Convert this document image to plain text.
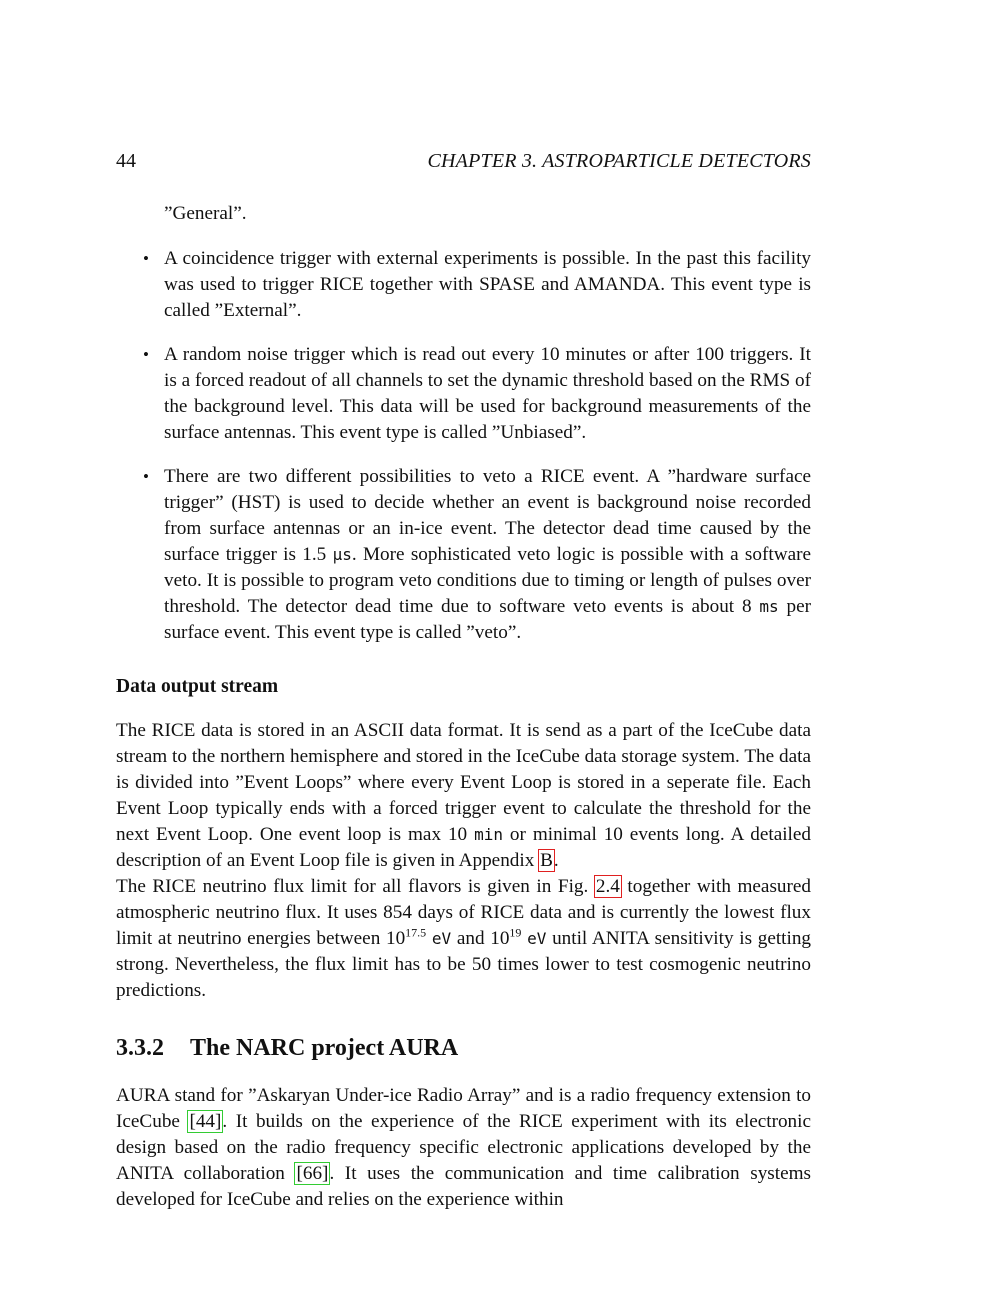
44	CHAPTER 3. ASTROPARTICLE DETECTORS
”General”.
• A coincidence trigger with external experiments is possible. In the past this facility was used to trigger RICE together with SPASE and AMANDA. This event type is called ”External”.
• A random noise trigger which is read out every 10 minutes or after 100 triggers. It is a forced readout of all channels to set the dynamic threshold based on the RMS of the background level. This data will be used for background measurements of the surface antennas. This event type is called ”Unbiased”.
• There are two different possibilities to veto a RICE event. A ”hardware surface trigger” (HST) is used to decide whether an event is background noise recorded from surface antennas or an in-ice event. The detector dead time caused by the surface trigger is 1.5 μs. More sophisticated veto logic is possible with a software veto. It is possible to program veto conditions due to timing or length of pulses over threshold. The detector dead time due to software veto events is about 8 ms per surface event. This event type is called ”veto”.
Data output stream
The RICE data is stored in an ASCII data format. It is send as a part of the IceCube data stream to the northern hemisphere and stored in the IceCube data storage system. The data is divided into ”Event Loops” where every Event Loop is stored in a seperate file. Each Event Loop typically ends with a forced trigger event to calculate the threshold for the next Event Loop. One event loop is max 10 min or minimal 10 events long. A detailed description of an Event Loop file is given in Appendix B.
The RICE neutrino flux limit for all flavors is given in Fig. 2.4 together with measured atmospheric neutrino flux. It uses 854 days of RICE data and is currently the lowest flux limit at neutrino energies between $10^{17.5}$ eV and $10^{19}$ eV until ANITA sensitivity is getting strong. Nevertheless, the flux limit has to be 50 times lower to test cosmogenic neutrino predictions.
3.3.2 The NARC project AURA
AURA stand for ”Askaryan Under-ice Radio Array” and is a radio frequency extension to IceCube [44]. It builds on the experience of the RICE experiment with its electronic design based on the radio frequency specific electronic applications developed by the ANITA collaboration [66]. It uses the communication and time calibration systems developed for IceCube and relies on the experience within
